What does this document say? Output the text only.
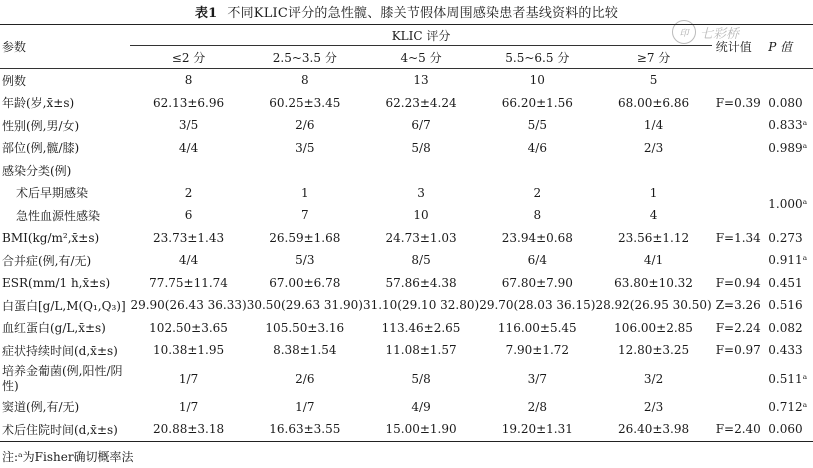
表1 不同KLIC评分的急性髋、膝关节假体周围感染患者基线资料的比较
印 七彩桥
参数	KLIC 评分					统计值	P 值
	≤2 分	2.5~3.5 分	4~5 分	5.5~6.5 分	≥7 分		
例数	8	8	13	10	5		
年龄(岁,x̄±s)	62.13±6.96	60.25±3.45	62.23±4.24	66.20±1.56	68.00±6.86	F=0.39	0.080
性别(例,男/女)	3/5	2/6	6/7	5/5	1/4		0.833ᵃ
部位(例,髋/膝)	4/4	3/5	5/8	4/6	2/3		0.989ᵃ
感染分类(例)							
术后早期感染	2	1	3	2	1		1.000ᵃ
急性血源性感染	6	7	10	8	4		
BMI(kg/m²,x̄±s)	23.73±1.43	26.59±1.68	24.73±1.03	23.94±0.68	23.56±1.12	F=1.34	0.273
合并症(例,有/无)	4/4	5/3	8/5	6/4	4/1		0.911ᵃ
ESR(mm/1 h,x̄±s)	77.75±11.74	67.00±6.78	57.86±4.38	67.80±7.90	63.80±10.32	F=0.94	0.451
白蛋白[g/L,M(Q₁,Q₃)]	29.90(26.43 36.33)	30.50(29.63 31.90)	31.10(29.10 32.80)	29.70(28.03 36.15)	28.92(26.95 30.50)	Z=3.26	0.516
血红蛋白(g/L,x̄±s)	102.50±3.65	105.50±3.16	113.46±2.65	116.00±5.45	106.00±2.85	F=2.24	0.082
症状持续时间(d,x̄±s)	10.38±1.95	8.38±1.54	11.08±1.57	7.90±1.72	12.80±3.25	F=0.97	0.433
培养金葡菌(例,阳性/阴性)	1/7	2/6	5/8	3/7	3/2		0.511ᵃ
窦道(例,有/无)	1/7	1/7	4/9	2/8	2/3		0.712ᵃ
术后住院时间(d,x̄±s)	20.88±3.18	16.63±3.55	15.00±1.90	19.20±1.31	26.40±3.98	F=2.40	0.060
注:ᵃ为Fisher确切概率法
